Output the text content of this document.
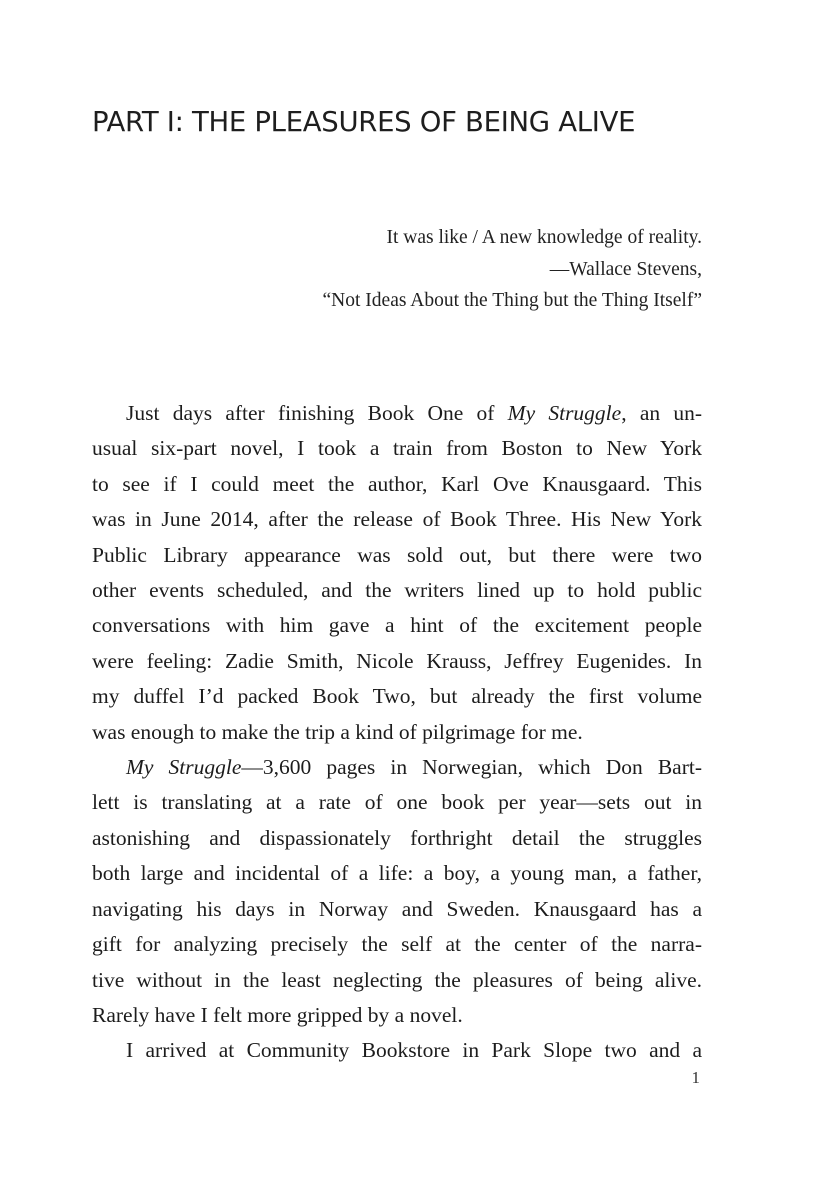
PART I: THE PLEASURES OF BEING ALIVE
It was like / A new knowledge of reality.
—Wallace Stevens,
“Not Ideas About the Thing but the Thing Itself”
Just days after finishing Book One of My Struggle, an un-
usual six-part novel, I took a train from Boston to New York
to see if I could meet the author, Karl Ove Knausgaard. This
was in June 2014, after the release of Book Three. His New York
Public Library appearance was sold out, but there were two
other events scheduled, and the writers lined up to hold public
conversations with him gave a hint of the excitement people
were feeling: Zadie Smith, Nicole Krauss, Jeffrey Eugenides. In
my duffel I’d packed Book Two, but already the first volume
was enough to make the trip a kind of pilgrimage for me.
My Struggle—3,600 pages in Norwegian, which Don Bart-
lett is translating at a rate of one book per year—sets out in
astonishing and dispassionately forthright detail the struggles
both large and incidental of a life: a boy, a young man, a father,
navigating his days in Norway and Sweden. Knausgaard has a
gift for analyzing precisely the self at the center of the narra-
tive without in the least neglecting the pleasures of being alive.
Rarely have I felt more gripped by a novel.
I arrived at Community Bookstore in Park Slope two and a
1
